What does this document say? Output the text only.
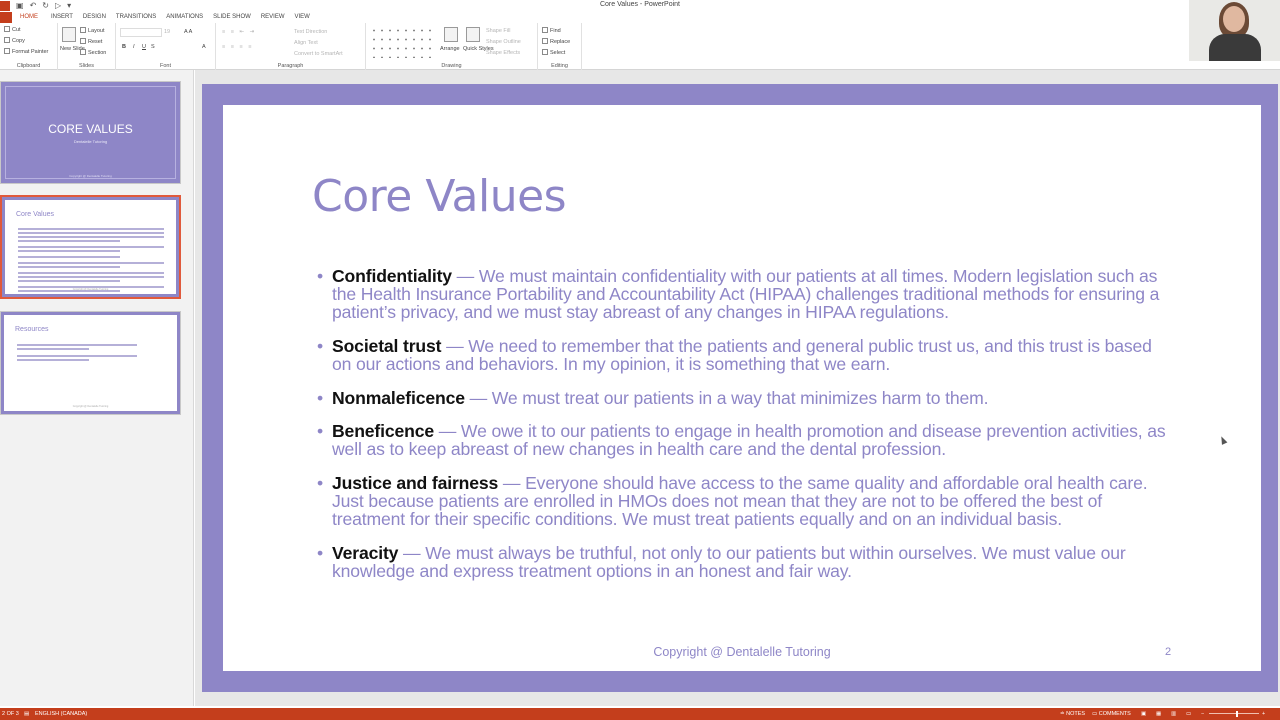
▣ ↶ ↻ ▷ ▾	Core Values - PowerPoint
HOME	INSERT DESIGN TRANSITIONS ANIMATIONS SLIDE SHOW REVIEW VIEW
Cut
Copy
Format Painter
Clipboard
New Slide
Layout
Reset
Section
Slides
19	A A
B I U S	A
Font
Text Direction
Align Text
Convert to SmartArt
≡ ≡ ⇤ ⇥
≡ ≡ ≡ ≡
Paragraph
Arrange Quick Styles
Shape Fill
Shape Outline
Shape Effects
Drawing
Find
Replace
Select
Editing
CORE VALUES
Dentalelle Tutoring
Copyright @ Dentalelle Tutoring
Core Values
Copyright @ Dentalelle Tutoring
Resources
Copyright @ Dentalelle Tutoring
Core Values
• Confidentiality — We must maintain confidentiality with our patients at all times. Modern legislation such as the Health Insurance Portability and Accountability Act (HIPAA) challenges traditional methods for ensuring a patient’s privacy, and we must stay abreast of any changes in HIPAA regulations.
• Societal trust — We need to remember that the patients and general public trust us, and this trust is based on our actions and behaviors. In my opinion, it is something that we earn.
• Nonmaleficence — We must treat our patients in a way that minimizes harm to them.
• Beneficence — We owe it to our patients to engage in health promotion and disease prevention activities, as well as to keep abreast of new changes in health care and the dental profession.
• Justice and fairness — Everyone should have access to the same quality and affordable oral health care. Just because patients are enrolled in HMOs does not mean that they are not to be offered the best of treatment for their specific conditions. We must treat patients equally and on an individual basis.
• Veracity — We must always be truthful, not only to our patients but within ourselves. We must value our knowledge and express treatment options in an honest and fair way.
Copyright @ Dentalelle Tutoring	2
2 OF 3 ▤ ENGLISH (CANADA)	≐ NOTES ▭ COMMENTS ▣ ▦ ▥ ▭ −	+
